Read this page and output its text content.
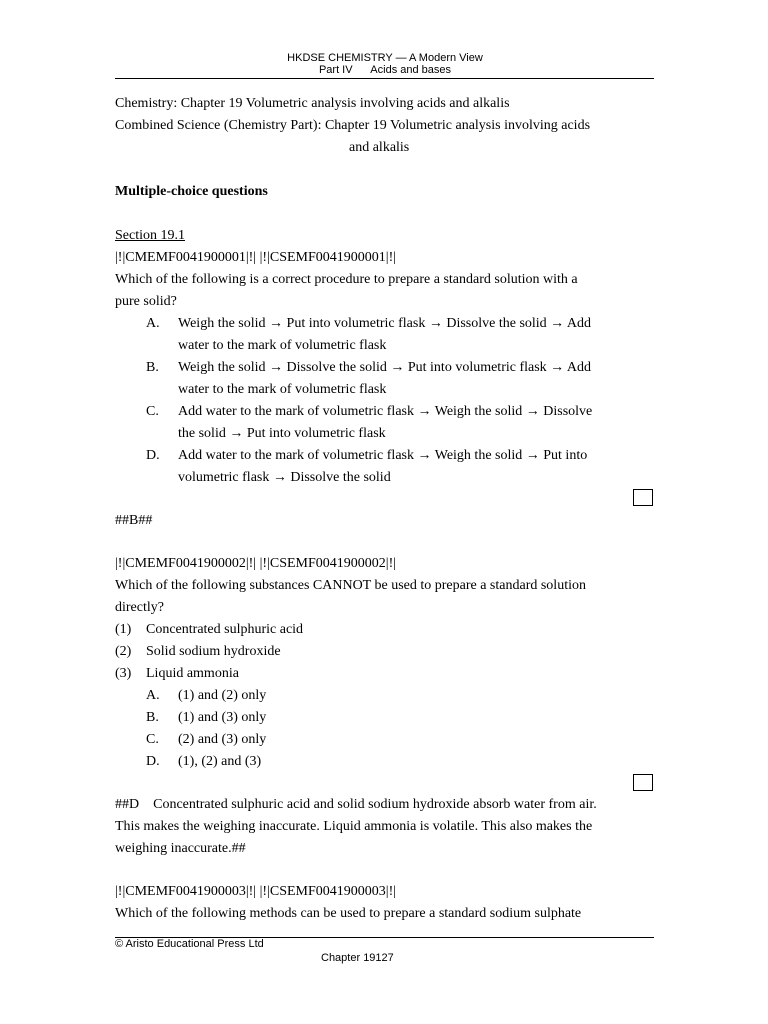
HKDSE CHEMISTRY — A Modern View
Part IV      Acids and bases
Chemistry: Chapter 19 Volumetric analysis involving acids and alkalis
Combined Science (Chemistry Part): Chapter 19 Volumetric analysis involving acids
and alkalis
Multiple-choice questions
Section 19.1
|!|CMEMF0041900001|!| |!|CSEMF0041900001|!|
Which of the following is a correct procedure to prepare a standard solution with a
pure solid?
A. Weigh the solid → Put into volumetric flask → Dissolve the solid → Add
water to the mark of volumetric flask
B. Weigh the solid → Dissolve the solid → Put into volumetric flask → Add
water to the mark of volumetric flask
C. Add water to the mark of volumetric flask → Weigh the solid → Dissolve
the solid → Put into volumetric flask
D. Add water to the mark of volumetric flask → Weigh the solid → Put into
volumetric flask → Dissolve the solid
##B##
|!|CMEMF0041900002|!| |!|CSEMF0041900002|!|
Which of the following substances CANNOT be used to prepare a standard solution
directly?
(1) Concentrated sulphuric acid
(2) Solid sodium hydroxide
(3) Liquid ammonia
A. (1) and (2) only
B. (1) and (3) only
C. (2) and (3) only
D. (1), (2) and (3)
##D    Concentrated sulphuric acid and solid sodium hydroxide absorb water from air.
This makes the weighing inaccurate. Liquid ammonia is volatile. This also makes the
weighing inaccurate.##
|!|CMEMF0041900003|!| |!|CSEMF0041900003|!|
Which of the following methods can be used to prepare a standard sodium sulphate
© Aristo Educational Press Ltd
Chapter 19127
